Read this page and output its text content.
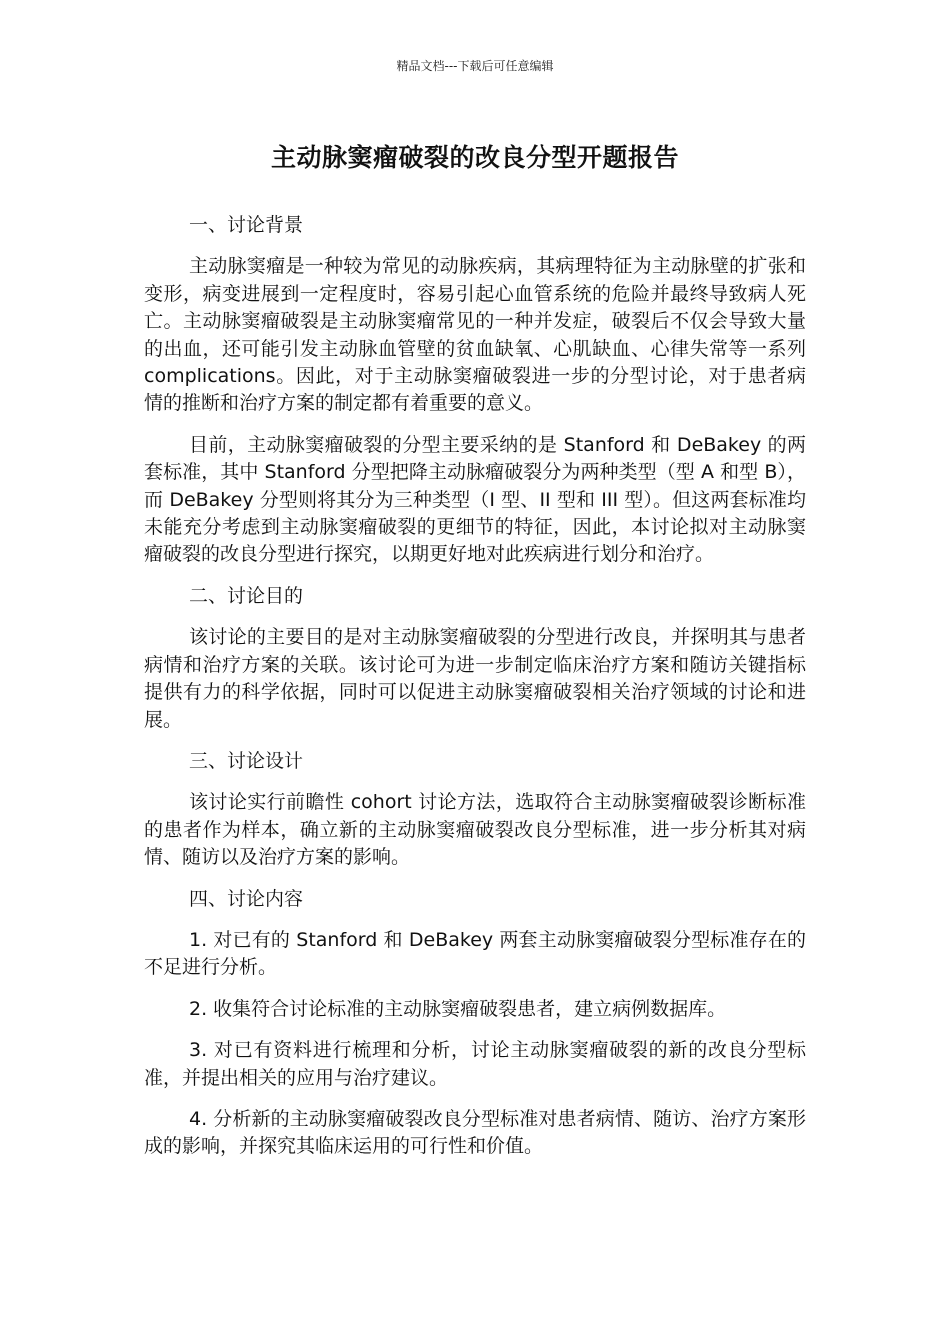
精品文档---下载后可任意编辑
主动脉窦瘤破裂的改良分型开题报告

一、讨论背景

主动脉窦瘤是一种较为常见的动脉疾病，其病理特征为主动脉壁的扩张和变形，病变进展到一定程度时，容易引起心血管系统的危险并最终导致病人死亡。主动脉窦瘤破裂是主动脉窦瘤常见的一种并发症，破裂后不仅会导致大量的出血，还可能引发主动脉血管壁的贫血缺氧、心肌缺血、心律失常等一系列 complications。因此，对于主动脉窦瘤破裂进一步的分型讨论，对于患者病情的推断和治疗方案的制定都有着重要的意义。

目前，主动脉窦瘤破裂的分型主要采纳的是 Stanford 和 DeBakey 的两套标准，其中 Stanford 分型把降主动脉瘤破裂分为两种类型（型 A 和型 B），而 DeBakey 分型则将其分为三种类型（I 型、II 型和 III 型）。但这两套标准均未能充分考虑到主动脉窦瘤破裂的更细节的特征，因此，本讨论拟对主动脉窦瘤破裂的改良分型进行探究，以期更好地对此疾病进行划分和治疗。

二、讨论目的

该讨论的主要目的是对主动脉窦瘤破裂的分型进行改良，并探明其与患者病情和治疗方案的关联。该讨论可为进一步制定临床治疗方案和随访关键指标提供有力的科学依据，同时可以促进主动脉窦瘤破裂相关治疗领域的讨论和进展。

三、讨论设计

该讨论实行前瞻性 cohort 讨论方法，选取符合主动脉窦瘤破裂诊断标准的患者作为样本，确立新的主动脉窦瘤破裂改良分型标准，进一步分析其对病情、随访以及治疗方案的影响。

四、讨论内容

1. 对已有的 Stanford 和 DeBakey 两套主动脉窦瘤破裂分型标准存在的不足进行分析。

2. 收集符合讨论标准的主动脉窦瘤破裂患者，建立病例数据库。

3. 对已有资料进行梳理和分析，讨论主动脉窦瘤破裂的新的改良分型标准，并提出相关的应用与治疗建议。

4. 分析新的主动脉窦瘤破裂改良分型标准对患者病情、随访、治疗方案形成的影响，并探究其临床运用的可行性和价值。
